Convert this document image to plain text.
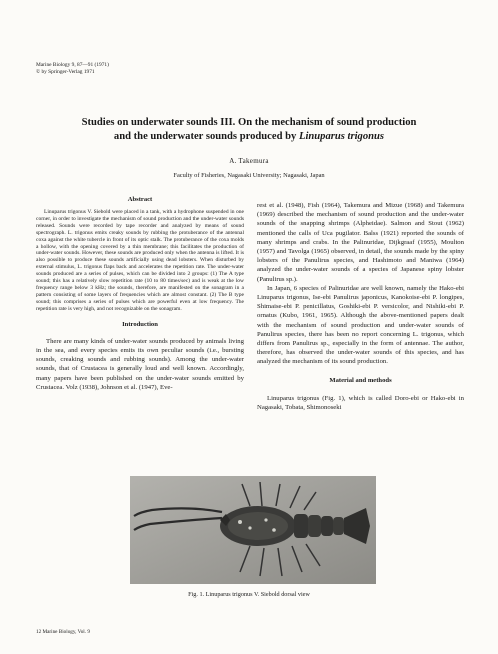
Marine Biology 9, 87—91 (1971)
© by Springer-Verlag 1971
Studies on underwater sounds III. On the mechanism of sound production
and the underwater sounds produced by Linuparus trigonus
A. Takemura
Faculty of Fisheries, Nagasaki University; Nagasaki, Japan
Abstract

Linuparus trigonus V. Siebold were placed in a tank, with a hydrophone suspended in one corner, in order to investigate the mechanism of sound production and the under-water sounds released. Sounds were recorded by tape recorder and analyzed by means of sound spectrograph. L. trigonus emits creaky sounds by rubbing the protuberance of the antennal coxa against the white tubercle in front of its optic stalk. The protuberance of the coxa molds a hollow, with the opening covered by a thin membrane; this facilitates the production of under-water sounds. However, these sounds are produced only when the antenna is lifted. It is also possible to produce these sounds artificially using dead lobsters. When disturbed by external stimulus, L. trigonus flaps back and accelerates the repetition rate. The under-water sounds produced are a series of pulses, which can be divided into 2 groups: (1) The A type sound; this has a relatively slow repetition rate (10 to 80 times/sec) and is weak at the low frequency range below 3 kHz; the sounds, therefore, are manifested on the sonagram in a pattern consisting of some layers of frequencies which are almost constant. (2) The B type sound; this comprises a series of pulses which are powerful even at low frequency. The repetition rate is very high, and not recognizable on the sonagram.

Introduction

There are many kinds of under-water sounds produced by animals living in the sea, and every species emits its own peculiar sounds (i.e., bursting sounds, creaking sounds and rubbing sounds). Among the under-water sounds, that of Crustacea is generally loud and well known. Accordingly, many papers have been published on the under-water sounds emitted by Crustacea. Volz (1938), Johnson et al. (1947), Eve-

rest et al. (1948), Fish (1964), Takemura and Mizue (1968) and Takemura (1969) described the mechanism of sound production and the under-water sounds of the snapping shrimps (Alpheidae). Salmon and Stout (1962) mentioned the calls of Uca pugilator. Balss (1921) reported the sounds of many shrimps and crabs. In the Palinuridae, Dijkgraaf (1955), Moulton (1957) and Tavolga (1965) observed, in detail, the sounds made by the spiny lobsters of the Panulirus species, and Hashimoto and Maniwa (1964) analyzed the under-water sounds of a species of Japanese spiny lobster (Panulirus sp.).

In Japan, 6 species of Palinuridae are well known, namely the Hako-ebi Linuparus trigonus, Ise-ebi Panulirus japonicus, Kanokoise-ebi P. longipes, Shimaise-ebi P. penicillatus, Goshiki-ebi P. versicolor, and Nishiki-ebi P. ornatus (Kubo, 1961, 1965). Although the above-mentioned papers dealt with the mechanism of sound production and under-water sounds of Panulirus species, there has been no report concerning L. trigonus, which differs from Panulirus sp., especially in the form of antennae. The author, therefore, has observed the under-water sounds of this species, and has analyzed the mechanism of its sound production.

Material and methods

Linuparus trigonus (Fig. 1), which is called Doro-ebi or Hako-ebi in Nagasaki, Tobata, Shimonoseki

Fig. 1. Linuparus trigonus V. Siebold dorsal view
12 Marine Biology, Vol. 9
